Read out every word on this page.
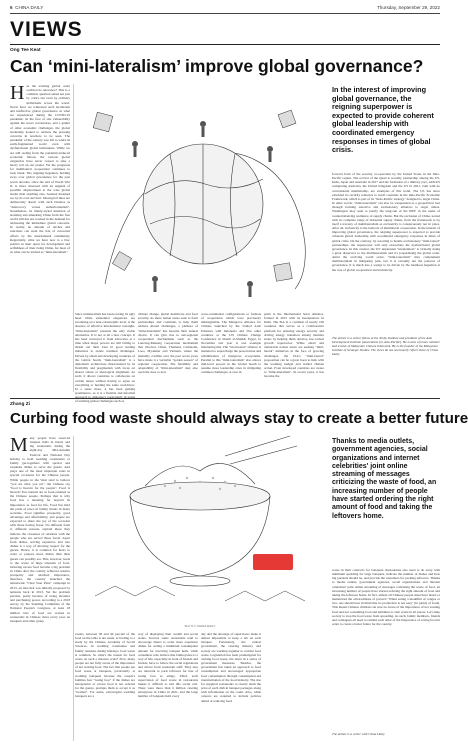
6 CHINA DAILY	Thursday, September 29, 2022
VIEWS
Ong Tee Keat
Can ‘mini-lateralism’ improve global governance?
Has the existing global order outlived its relevance? This is a common question asked not just by critics but even by ordinary individuals across the world. Never have we witnessed such incoherent and ineffective global governance as what we experienced during the COVID-19 pandemic. In the face of one vulnerability against the novel coronavirus, and a gamut of other economic challenges, the global leadership looked to address the pressing concerns in nowhere to be seen. The pandemic of the century was left to wield its earth-fragmented world even with dysfunctional global institutions. While we are still reeling from the pandemic-induced economic fallout, the various global exigencies have never ceased to take a heavy toll on our planet. Yet the prognosis for multilateral cooperation continues to look bleak. The reigning hegemon, holding sway over global governance for the past seven decades, since the end of World War II, is more obsessed with its anguish of possible displacement at the wise global leader than anything else. Seemed dreamed too by its own survival. Ideological lines are deliberately drawn with such binaries as "democracy versus authoritarianism". Nonetheless, its timely-styled intention of isolating and alienating China from the free world still has not worked in the demand for addressing the immediate global concerns. In reality, no amount of latches and sanctions can stem the tide of concerted efforts by the international community. Regrettably, what we have now is a bloc politics in their quest for development and selfishness of their rising China, for most of us what can be termed as "mini-lateralism".
Since unilateralism has been rearing its ugly head while existential exigencies are escalating on a near-catastrophic level, is the absence of effective international oversight, "mini-lateralism" presents the only viable alternative. It is not at all a new concept. It has been conveyed it from advocates at a time when major powers are still failing to thrash out their trust in good leading initiatives to tackle common challenges. Driven by small and developing countries of the Global South, "mini-lateralism" is a diplomatic architecture characterized by its flexibility and pragmatism with focus on shared values or ideological alignment. As such, it allows countries to collaborate on certain issues without having to agree on everything or holding the same worldview. In a sense more, it has been gaining prominence, as it is a flexible and informal approach to diplomacy particularly in terms of tackling global challenges such as
climate change, global healthcare and food security. As more nation states seek to form partnerships and coalitions to help them address shared challenges, a plethora of "mini-lateralism" has become their natural choice. It can give rise to sub-regional cooperation mechanisms such as the Lancang-Mekong cooperation mechanism that involves China, Thailand, Cambodia, Laos, Myanmar and Vietnam, where the mutually credible over the past seven years have made it a veritable "golden season" of regional cooperation. The flexibility and adaptability of "mini-lateralism" may also open the door to new
cross-continental configurations or formats of cooperation which were previously unimaginable. The Mangrove Alliance for Climate launched by the United Arab Emirates with Indonesia and five other countries at the UN Climate Change Conference in Sharm el-Sheikh, Egypt, in November last year is one example illustrating this. The "tried-tested" alliance is intended to supercharge the preservation and rehabilitation of mangrove ecosystems. Parallel to this "mini-lateralism" also allows mid-level powers in the Global South to assume more leadership roles in mitigating common challenges. A case in
point is the International Solar Alliance, formed in 2015 with its headquarters in India. The ISA is a coalition of nearly 100 countries that serves as a collaborative platform for ensuring energy security and driving energy transition among member states by helping them develop low-carbon growth trajectories. While small and vulnerable nation states are seeking "mini-lateral" initiatives in the face of growing challenges, the ISA's "mini-lateral" proposition can be a great boon to help with the looming budget and stalled climate action. Even developed countries are aware to "mini-lateralism". In recent years, it has become the
In the interest of improving global governance, the reigning superpower is expected to provide coherent global leadership with coordinated emergency responses in times of global crisis.
forward form of the security co-operation by the United States in the Indo-Pacific region. The revival of the Quad is recently partnership among the US, India, Japan and Australia in 2017 and the formation of a military pact, AUKUS comprising Australia, the United Kingdom and the US in 2021, both with no conventional membership, are examples of this trend. The US has since extended its security tentacles to reach countries in the Indo-Pacific Economic Framework, which is part of its "Indo-Pacific strategy" designed to target China. In other words, "mini-lateralism" can also be weaponized as a geopolitical tool through forming selective and exclusionary alliances to target others. Washington may seek to justify the long-run of the IPEF in the name of counterbalancing resilience of supply chains. But the exclusion of China, touted with its complete range of industrial supply chains, from the framework is by itself a travesty of multilateralism as exclusivity is conspicuously not in place. After all, inclusivity is the bedrock of multilateral cooperation. In the interest of improving global governance, the reigning superpower is expected to provide coherent global leadership with coordinated emergency responses in times of global crisis. On the contrary, by resorting to hostile exclusionary "mini-lateral" partnerships, the superpower will only exacerbate the dysfunctional global governance. In this context, the US' unpleasant "unrelentless" is virtually doing a great disservice to the multilateralism and it's jeopardizing the global order. Amid the evolving world order, "mini-lateralism" may complement multilateralism in mitigating pain, but it is certainly not the panacea of governance. It is much less a wedge to be driven by the insidious hegemon at the cost of global cooperation and inclusivity.
The author is a senior fellow at the Tenby Institute and president of the Asia Development Institute (Association for Asia-Pacific). He is also a former minister and trustee of Malaysian Chinese think tank. He is the founder of the Malaysian Institute of Strategic Studies. The views do not necessarily reflect those of China Daily.
Zhang Zi
Curbing food waste should always stay to create a better future
Many people have reserved banquet halls in hotels and big restaurants during the eight-day Mid-Autumn Festival and National Day holiday to hold wedding ceremonies or family get-togethers with special and exquisite dishes to serve the guests. And plays one of the most important roles in special occasions for the Chinese people. While people in the West tend to believe "you are what you eat", the Chinese say "food is heaven for the people". Food is heaven! Few nations are as food-oriented as the Chinese people. Perhaps that is why food has a meaning far beyond its importance as food for life. Food has held the pride of place in family rituals in many societies. Food signifies prosperity, good advantage and affordability, and people are expected to share the joy of the occasion with those having fewer. No different from it, different reasons, explain those they indicate the closeness of relations with the people who are served those foods. Apart from dishes, serving expensive and rare dishes is a way of showing respect for the guests. Hence, it is common for hosts to order or prepare more dishes than their guests can possibly eat. This, however, leads to the waste of huge amounts of food. Ordering excess food became a big problem in China after the country achieved relative prosperity and attached importance, therefore, the country launched the nationwide "Clear Your Plate" campaign in 2013, an idea that was initially proposed by netizens back in 2013. Yet the problem persists, partly because of rising incomes and purchasing power. According to a 2018 survey by the Standing Committee of the National People's Congress, at least 18 million tons of food are wasted in restaurants in Chinese cities every year. At banquets and other group
SHI YU / CHINA DAILY
events, between 38 and 40 percent of the food on the table is not eaten, according to a study by the Chinese Academy of Social Sciences. At wedding ceremonies and family reunions during holidays, food waste is common. So what's the reason for food waste on such a massive scale? First, many people are not fully aware of the importance of not wasting food. The fact that people see food waste at banquets, particularly at wedding banquets because the couple's families fear "losing face" if the dishes are inexpensive or excess food is not ordered for the guests, prompts them to accept it as "normal". For some, extravagant wedding banquets are a
way of displaying their wealth and social status. Second, some restaurants tend to encourage diners to order more expensive dishes for setting a minimum consumption amount for reserving banquet halls, while consumers who believe that famboyance is a way of life, especially in front of friends and friends, have to follow the social regulations and advice from restaurant staff. They also are reluctant to pack leftovers for fear of losing face as stingy. Third, such supervision of food waste in restaurants makes it difficult to end this social evil. There were more than 6 million catering enterprises in China in 2021, and the large number of banquets held every
day and the shortage of supervisors make it almost impossible to keep a tab on each banquet. Fortunately, the central government, the catering industry and society are working together to combat food waste. Legislation has been promulgated for curbing food waste, the latest in a series of government measures. Besides, the government has taken an approach to food consumption and encouraged appropriate food consumption through consumption-led transformation of the food industry. The rise for suppliers restaurants to clearly mark the price of each dish in banquet packages along with information on the count. Also, while caterers are required to include policies aimed at reducing food
Thanks to media outlets, government agencies, social organizations and internet celebrities' joint online streaming of messages criticizing the waste of food, an increasing number of people have started ordering the right amount of food and taking the leftovers home.
waste in their contracts for banquets. Restaurants also need to do away with minimum spending for large banquets, indicate the number of dishes and how big portions should be, and provide the customers for packing leftovers. Thanks to media outlets, government agencies, social organizations and internet celebrities' joint online streaming of messages criticizing the waste of food, an increasing number of people have started ordering the right amount of food and taking the leftovers home. In fact, almost all Chinese people must have heard or memorized the old-traditions of proverb "When eating a mouthful of congee or rice, one should bear in mind that its production is not easy" (in plenty of food). This means Chinese children can now be aware of the importance of not wasting food and not consuming food and ambition to curb waste in all places. Let's help society to stop the food waste from spreading. As such, family members, friends and colleagues all need to remind each other of the importance of saving food in order to create a better future for the country.
The author is a writer with China Daily.
